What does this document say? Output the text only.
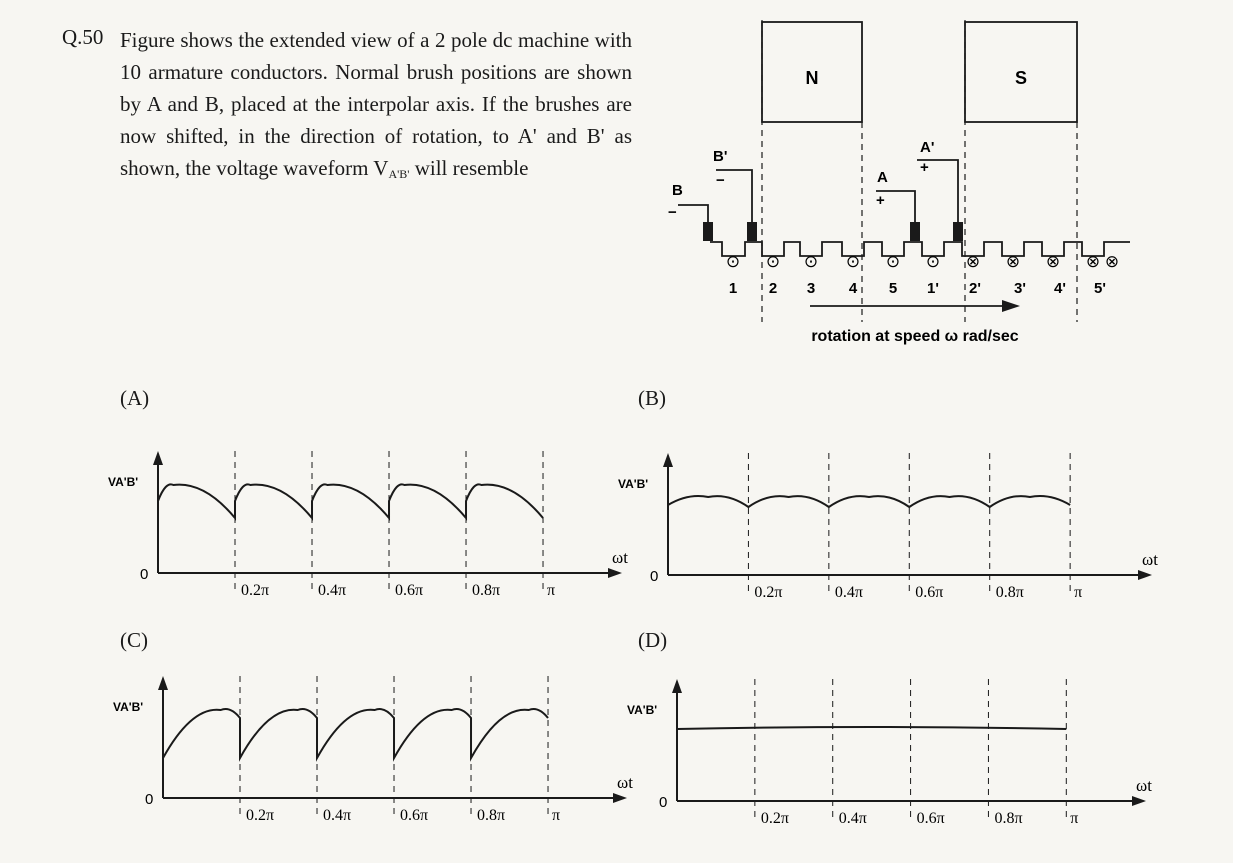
Q.50 Figure shows the extended view of a 2 pole dc machine with 10 armature conductors. Normal brush positions are shown by A and B, placed at the interpolar axis. If the brushes are now shifted, in the direction of rotation, to A' and B' as shown, the voltage waveform $V_{A'B'}$ will resemble
N	S
B'
B
A
A'
−
−
+
+
⊙ ⊙ ⊙ ⊙ ⊙ ⊙ ⊗ ⊗ ⊗ ⊗ ⊗
1 2 3 4 5 1' 2' 3' 4' 5'
rotation at speed ω rad/sec
(A)	(B)
(C)	(D)
0.2π	0.4π	0.6π	0.8π	π
0
ωt
VA'B'
0.2π	0.4π	0.6π	0.8π	π
0
ωt
VA'B'
0.2π	0.4π	0.6π	0.8π	π
0
ωt
VA'B'
0.2π	0.4π	0.6π	0.8π	π
0
ωt
VA'B'
